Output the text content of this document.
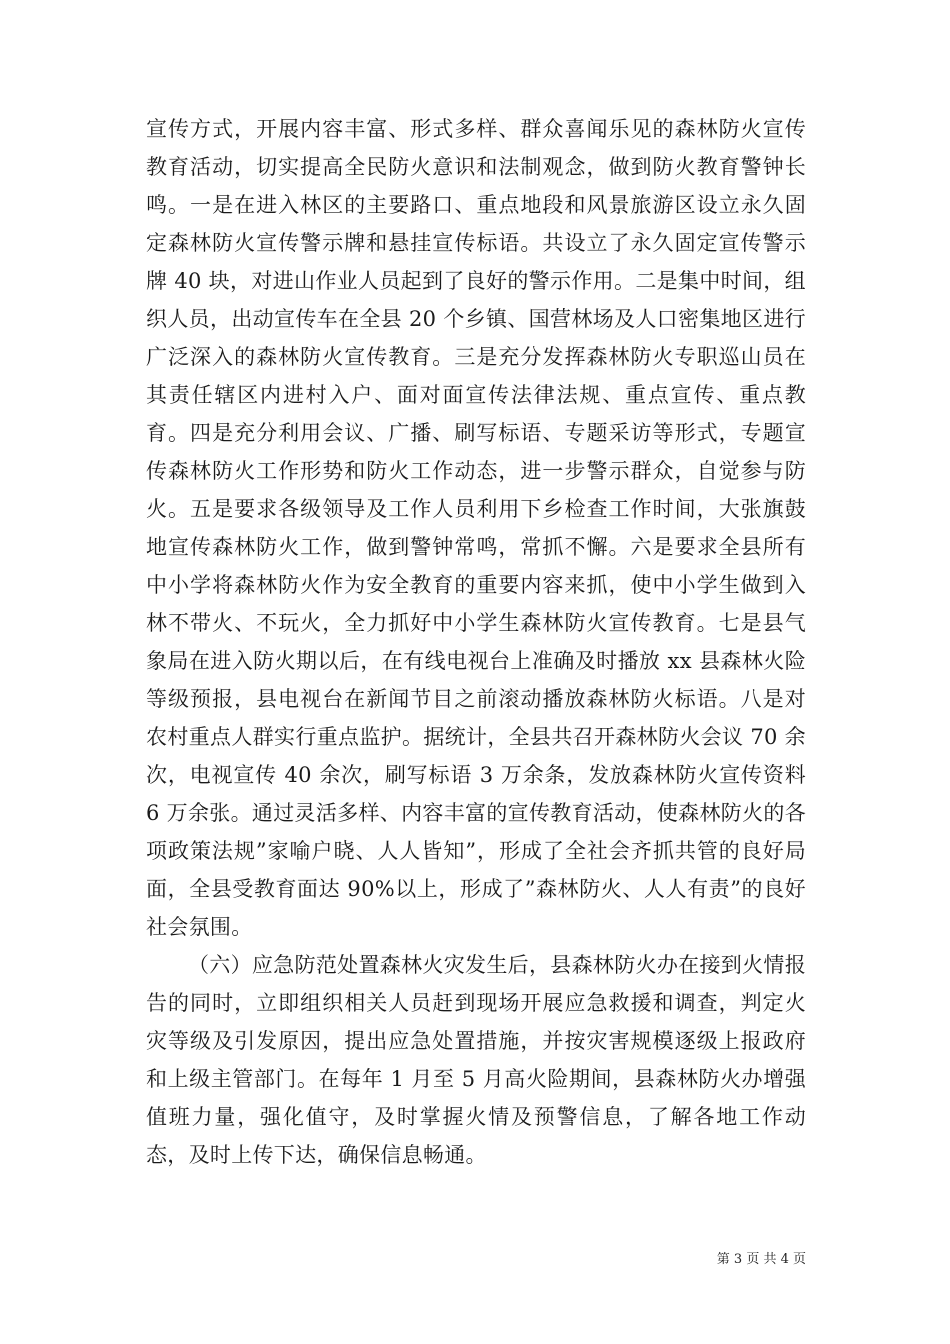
宣传方式，开展内容丰富、形式多样、群众喜闻乐见的森林防火宣传教育活动，切实提高全民防火意识和法制观念，做到防火教育警钟长鸣。一是在进入林区的主要路口、重点地段和风景旅游区设立永久固定森林防火宣传警示牌和悬挂宣传标语。共设立了永久固定宣传警示牌 40 块，对进山作业人员起到了良好的警示作用。二是集中时间，组织人员，出动宣传车在全县 20 个乡镇、国营林场及人口密集地区进行广泛深入的森林防火宣传教育。三是充分发挥森林防火专职巡山员在其责任辖区内进村入户、面对面宣传法律法规、重点宣传、重点教育。四是充分利用会议、广播、刷写标语、专题采访等形式，专题宣传森林防火工作形势和防火工作动态，进一步警示群众，自觉参与防火。五是要求各级领导及工作人员利用下乡检查工作时间，大张旗鼓地宣传森林防火工作，做到警钟常鸣，常抓不懈。六是要求全县所有中小学将森林防火作为安全教育的重要内容来抓，使中小学生做到入林不带火、不玩火，全力抓好中小学生森林防火宣传教育。七是县气象局在进入防火期以后，在有线电视台上准确及时播放 xx 县森林火险等级预报，县电视台在新闻节目之前滚动播放森林防火标语。八是对农村重点人群实行重点监护。据统计，全县共召开森林防火会议 70 余次，电视宣传 40 余次，刷写标语 3 万余条，发放森林防火宣传资料 6 万余张。通过灵活多样、内容丰富的宣传教育活动，使森林防火的各项政策法规”家喻户晓、人人皆知”，形成了全社会齐抓共管的良好局面，全县受教育面达 90%以上，形成了”森林防火、人人有责”的良好社会氛围。

（六）应急防范处置森林火灾发生后，县森林防火办在接到火情报告的同时，立即组织相关人员赶到现场开展应急救援和调查，判定火灾等级及引发原因，提出应急处置措施，并按灾害规模逐级上报政府和上级主管部门。在每年 1 月至 5 月高火险期间，县森林防火办增强值班力量，强化值守，及时掌握火情及预警信息，了解各地工作动态，及时上传下达，确保信息畅通。

第 3 页 共 4 页
